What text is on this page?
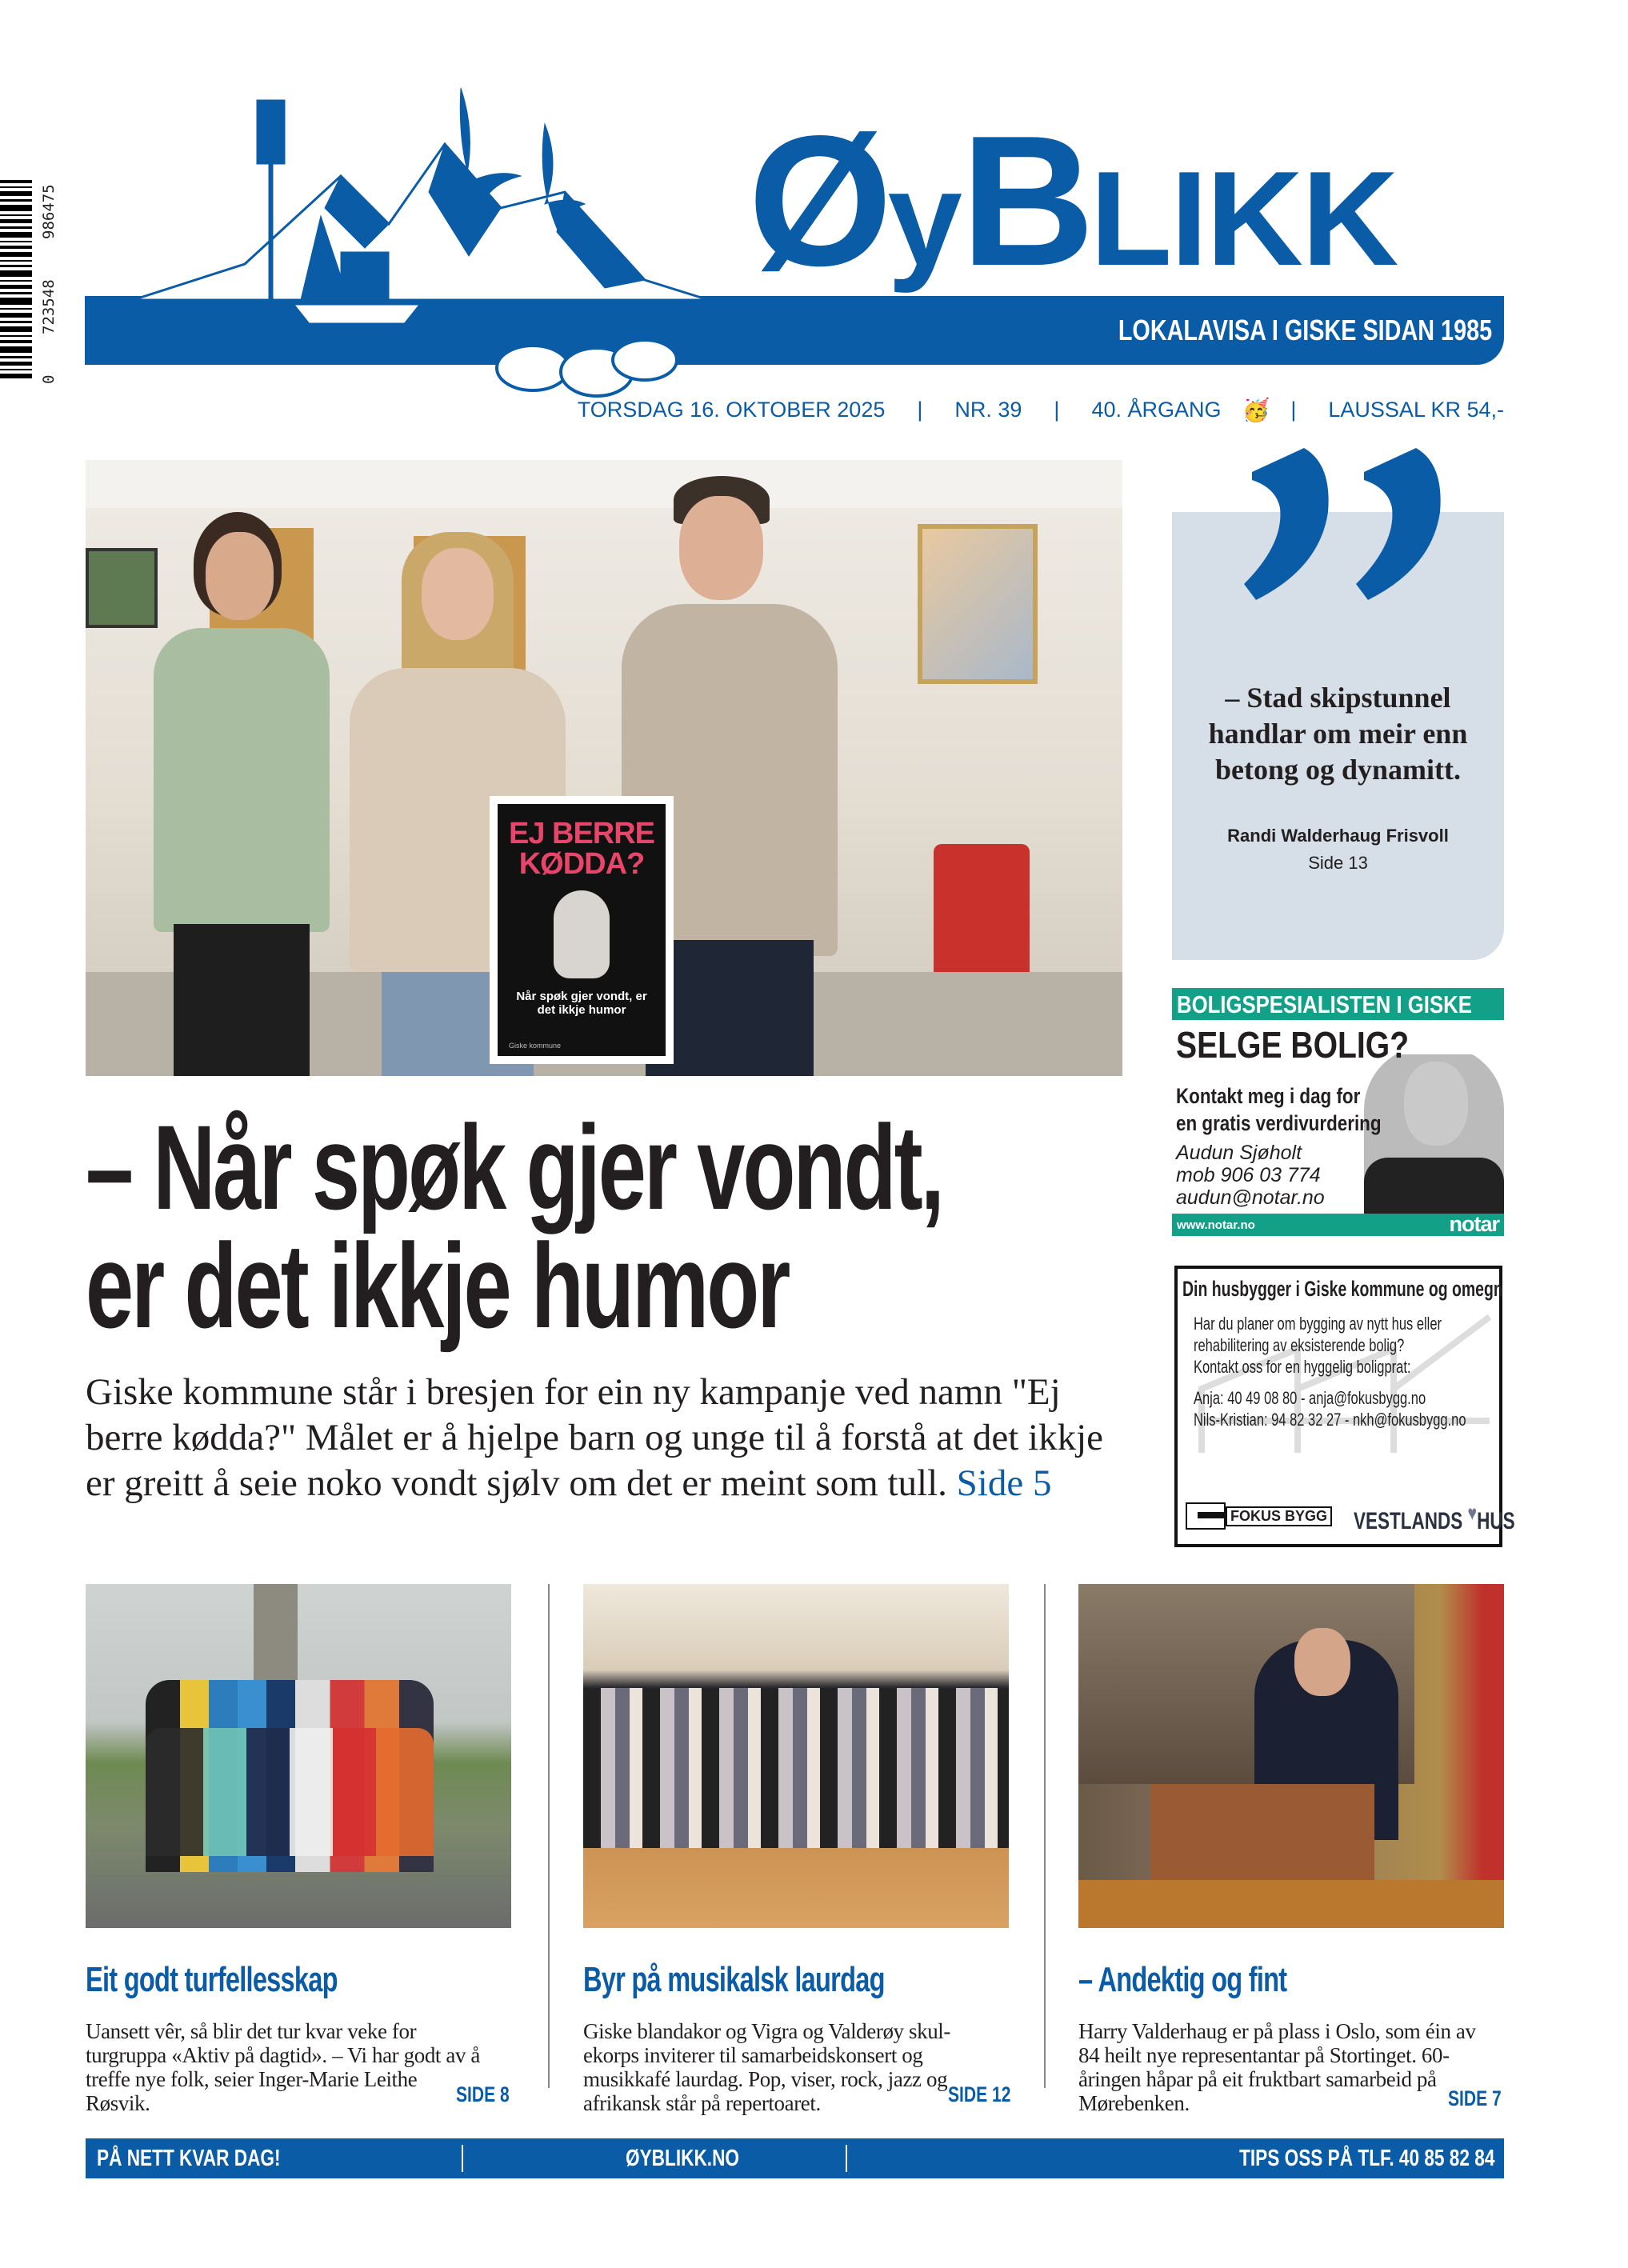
0
723548
986475	ØyBLIKK
LOKALAVISA I GISKE SIDAN 1985
TORSDAG 16. OKTOBER 2025 | NR. 39 | 40. ÅRGANG 🥳 | LAUSSAL KR 54,-
EJ BERRE
KØDDA?
Når spøk gjer vondt, er det ikkje humor
Giske kommune
– Stad skipstunnel handlar om meir enn betong og dynamitt.
Randi Walderhaug Frisvoll
Side 13
BOLIGSPESIALISTEN I GISKE
SELGE BOLIG?
Kontakt meg i dag for
en gratis verdivurdering
Audun Sjøholt
mob 906 03 774
audun@notar.no
www.notar.no	notar
Din husbygger i Giske kommune og omegn
Har du planer om bygging av nytt hus eller
rehabilitering av eksisterende bolig?
Kontakt oss for en hyggelig boligprat:
Anja: 40 49 08 80 - anja@fokusbygg.no
Nils-Kristian: 94 82 32 27 - nkh@fokusbygg.no
FOKUS BYGG VESTLANDS ♥HUS
– Når spøk gjer vondt,
er det ikkje humor
Giske kommune står i bresjen for ein ny kampanje ved namn "Ej berre kødda?" Målet er å hjelpe barn og unge til å forstå at det ikkje er greitt å seie noko vondt sjølv om det er meint som tull. Side 5
Eit godt turfellesskap

Uansett vêr, så blir det tur kvar veke for turgruppa «Aktiv på dagtid». – Vi har godt av å treffe nye folk, seier Inger-Marie Leithe Røsvik.	SIDE 8
Byr på musikalsk laurdag

Giske blandakor og Vigra og Valderøy skul-ekorps inviterer til samarbeidskonsert og musikkafé laurdag. Pop, viser, rock, jazz og afrikansk står på repertoaret.	SIDE 12
– Andektig og fint

Harry Valderhaug er på plass i Oslo, som éin av 84 heilt nye representantar på Stortinget. 60-åringen håpar på eit fruktbart samarbeid på Mørebenken.	SIDE 7
PÅ NETT KVAR DAG!	ØYBLIKK.NO	TIPS OSS PÅ TLF. 40 85 82 84
